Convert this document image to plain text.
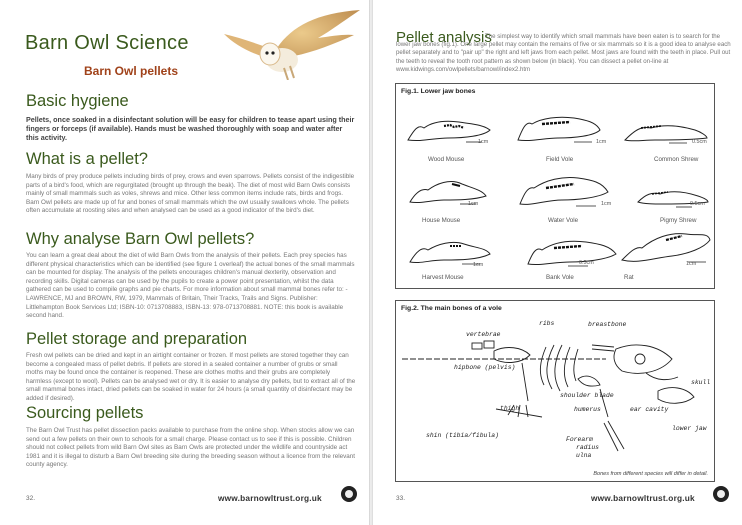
Barn Owl Science
Barn Owl pellets
Basic hygiene
Pellets, once soaked in a disinfectant solution will be easy for children to tease apart using their fingers or forceps (if available). Hands must be washed thoroughly with soap and water after this activity.
What is a pellet?
Many birds of prey produce pellets including birds of prey, crows and even sparrows. Pellets consist of the indigestible parts of a bird's food, which are regurgitated (brought up through the beak). The diet of most wild Barn Owls consists mainly of small mammals such as voles, shrews and mice. Other less common items include rats, birds and frogs. Barn Owl pellets are made up of fur and bones of small mammals which the owl usually swallows whole. The pellets often accumulate at roosting sites and when analysed can be used as a good indicator of the bird's diet.
Why analyse Barn Owl pellets?
You can learn a great deal about the diet of wild Barn Owls from the analysis of their pellets. Each prey species has different physical characteristics which can be identified (see figure 1 overleaf) the actual bones of the small mammals can be mounted for display. The analysis of the pellets encourages children's manual dexterity, observation and recording skills. Digital cameras can be used by the pupils to create a power point presentation, whilst the data gathered can be used to compile graphs and pie charts. For more information about small mammal bones refer to: - LAWRENCE, MJ and BROWN, RW, 1979, Mammals of Britain, Their Tracks, Trails and Signs. Publisher: Littlehampton Book Services Ltd; ISBN-10: 0713708883, ISBN-13: 978-0713708881. NOTE: this book is available second hand.
Pellet storage and preparation
Fresh owl pellets can be dried and kept in an airtight container or frozen. If most pellets are stored together they can become a congealed mass of pellet debris. If pellets are stored in a sealed container a number of grubs or small moths may be found once the container is reopened. These are clothes moths and their grubs are completely harmless (except to wool). Pellets can be analysed wet or dry. It is easier to analyse dry pellets, but to extract all of the small mammal bones intact, dried pellets can be soaked in water for 24 hours (a small quantity of disinfectant may be added if desired).
Sourcing pellets
The Barn Owl Trust has pellet dissection packs available to purchase from the online shop. When stocks allow we can send out a few pellets on their own to schools for a small charge. Please contact us to see if this is possible. Children should not collect pellets from wild Barn Owl sites as Barn Owls are protected under the wildlife and countryside act 1981 and it is illegal to disturb a Barn Owl breeding site during the breeding season without a licence from the relevant county agency.
32.	www.barnowltrust.org.uk
Pellet analysis
The simplest way to identify which small mammals have been eaten is to search for the lower jaw bones (fig.1). One large pellet may contain the remains of five or six mammals so it is a good idea to analyse each pellet separately and to "pair up" the right and left jaws from each pellet. Most jaws are found with the teeth in place. Pull out the teeth to reveal the tooth root pattern as shown below (in black). You can dissect a pellet on-line at www.kidwings.com/owlpellets/barnowl/index2.htm
Fig.1. Lower jaw bones
1cm
Wood Mouse
1cm
Field Vole
0.5cm
Common Shrew
1cm
House Mouse
1cm
Water Vole
0.5cm
Pigmy Shrew
1cm
Harvest Mouse
0.5cm
Bank Vole
1cm
Rat
Fig.2. The main bones of a vole
ribs	breastbone
vertebrae
hipbone (pelvis)
skull
shoulder blade
thigh	humerus	ear cavity
lower jaw
shin (tibia/fibula)
Forearm
radius
ulna
Bones from different species will differ in detail.
33.	www.barnowltrust.org.uk
